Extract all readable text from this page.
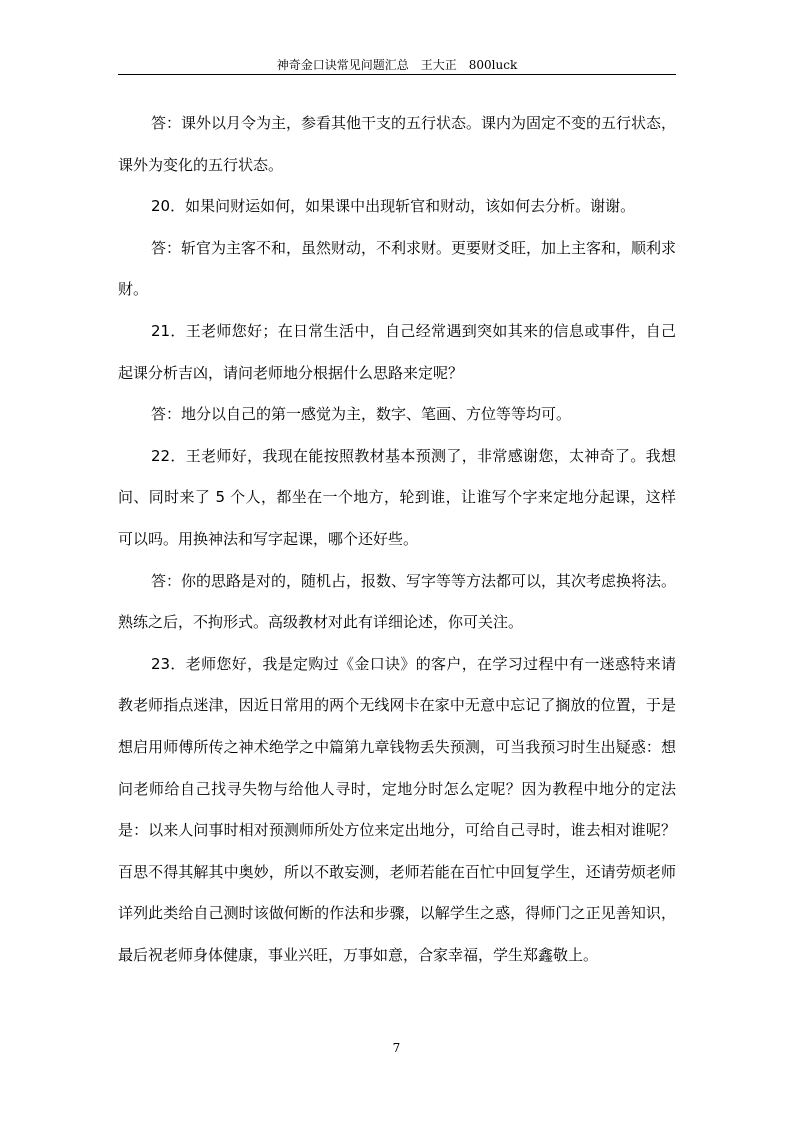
神奇金口诀常见问题汇总 王大正 800luck

答：课外以月令为主，参看其他干支的五行状态。课内为固定不变的五行状态，课外为变化的五行状态。

20．如果问财运如何，如果课中出现斩官和财动，该如何去分析。谢谢。

答：斩官为主客不和，虽然财动，不利求财。更要财爻旺，加上主客和，顺利求财。

21．王老师您好；在日常生活中，自己经常遇到突如其来的信息或事件，自己起课分析吉凶，请问老师地分根据什么思路来定呢？

答：地分以自己的第一感觉为主，数字、笔画、方位等等均可。

22．王老师好，我现在能按照教材基本预测了，非常感谢您，太神奇了。我想问、同时来了 5 个人，都坐在一个地方，轮到谁，让谁写个字来定地分起课，这样可以吗。用换神法和写字起课，哪个还好些。

答：你的思路是对的，随机占，报数、写字等等方法都可以，其次考虑换将法。熟练之后，不拘形式。高级教材对此有详细论述，你可关注。

23．老师您好，我是定购过《金口诀》的客户，在学习过程中有一迷惑特来请教老师指点迷津，因近日常用的两个无线网卡在家中无意中忘记了搁放的位置，于是想启用师傅所传之神术绝学之中篇第九章钱物丢失预测，可当我预习时生出疑惑：想问老师给自己找寻失物与给他人寻时，定地分时怎么定呢？因为教程中地分的定法是：以来人问事时相对预测师所处方位来定出地分，可给自己寻时，谁去相对谁呢？百思不得其解其中奥妙，所以不敢妄测，老师若能在百忙中回复学生，还请劳烦老师详列此类给自己测时该做何断的作法和步骤，以解学生之惑，得师门之正见善知识，最后祝老师身体健康，事业兴旺，万事如意，合家幸福，学生郑鑫敬上。

7
